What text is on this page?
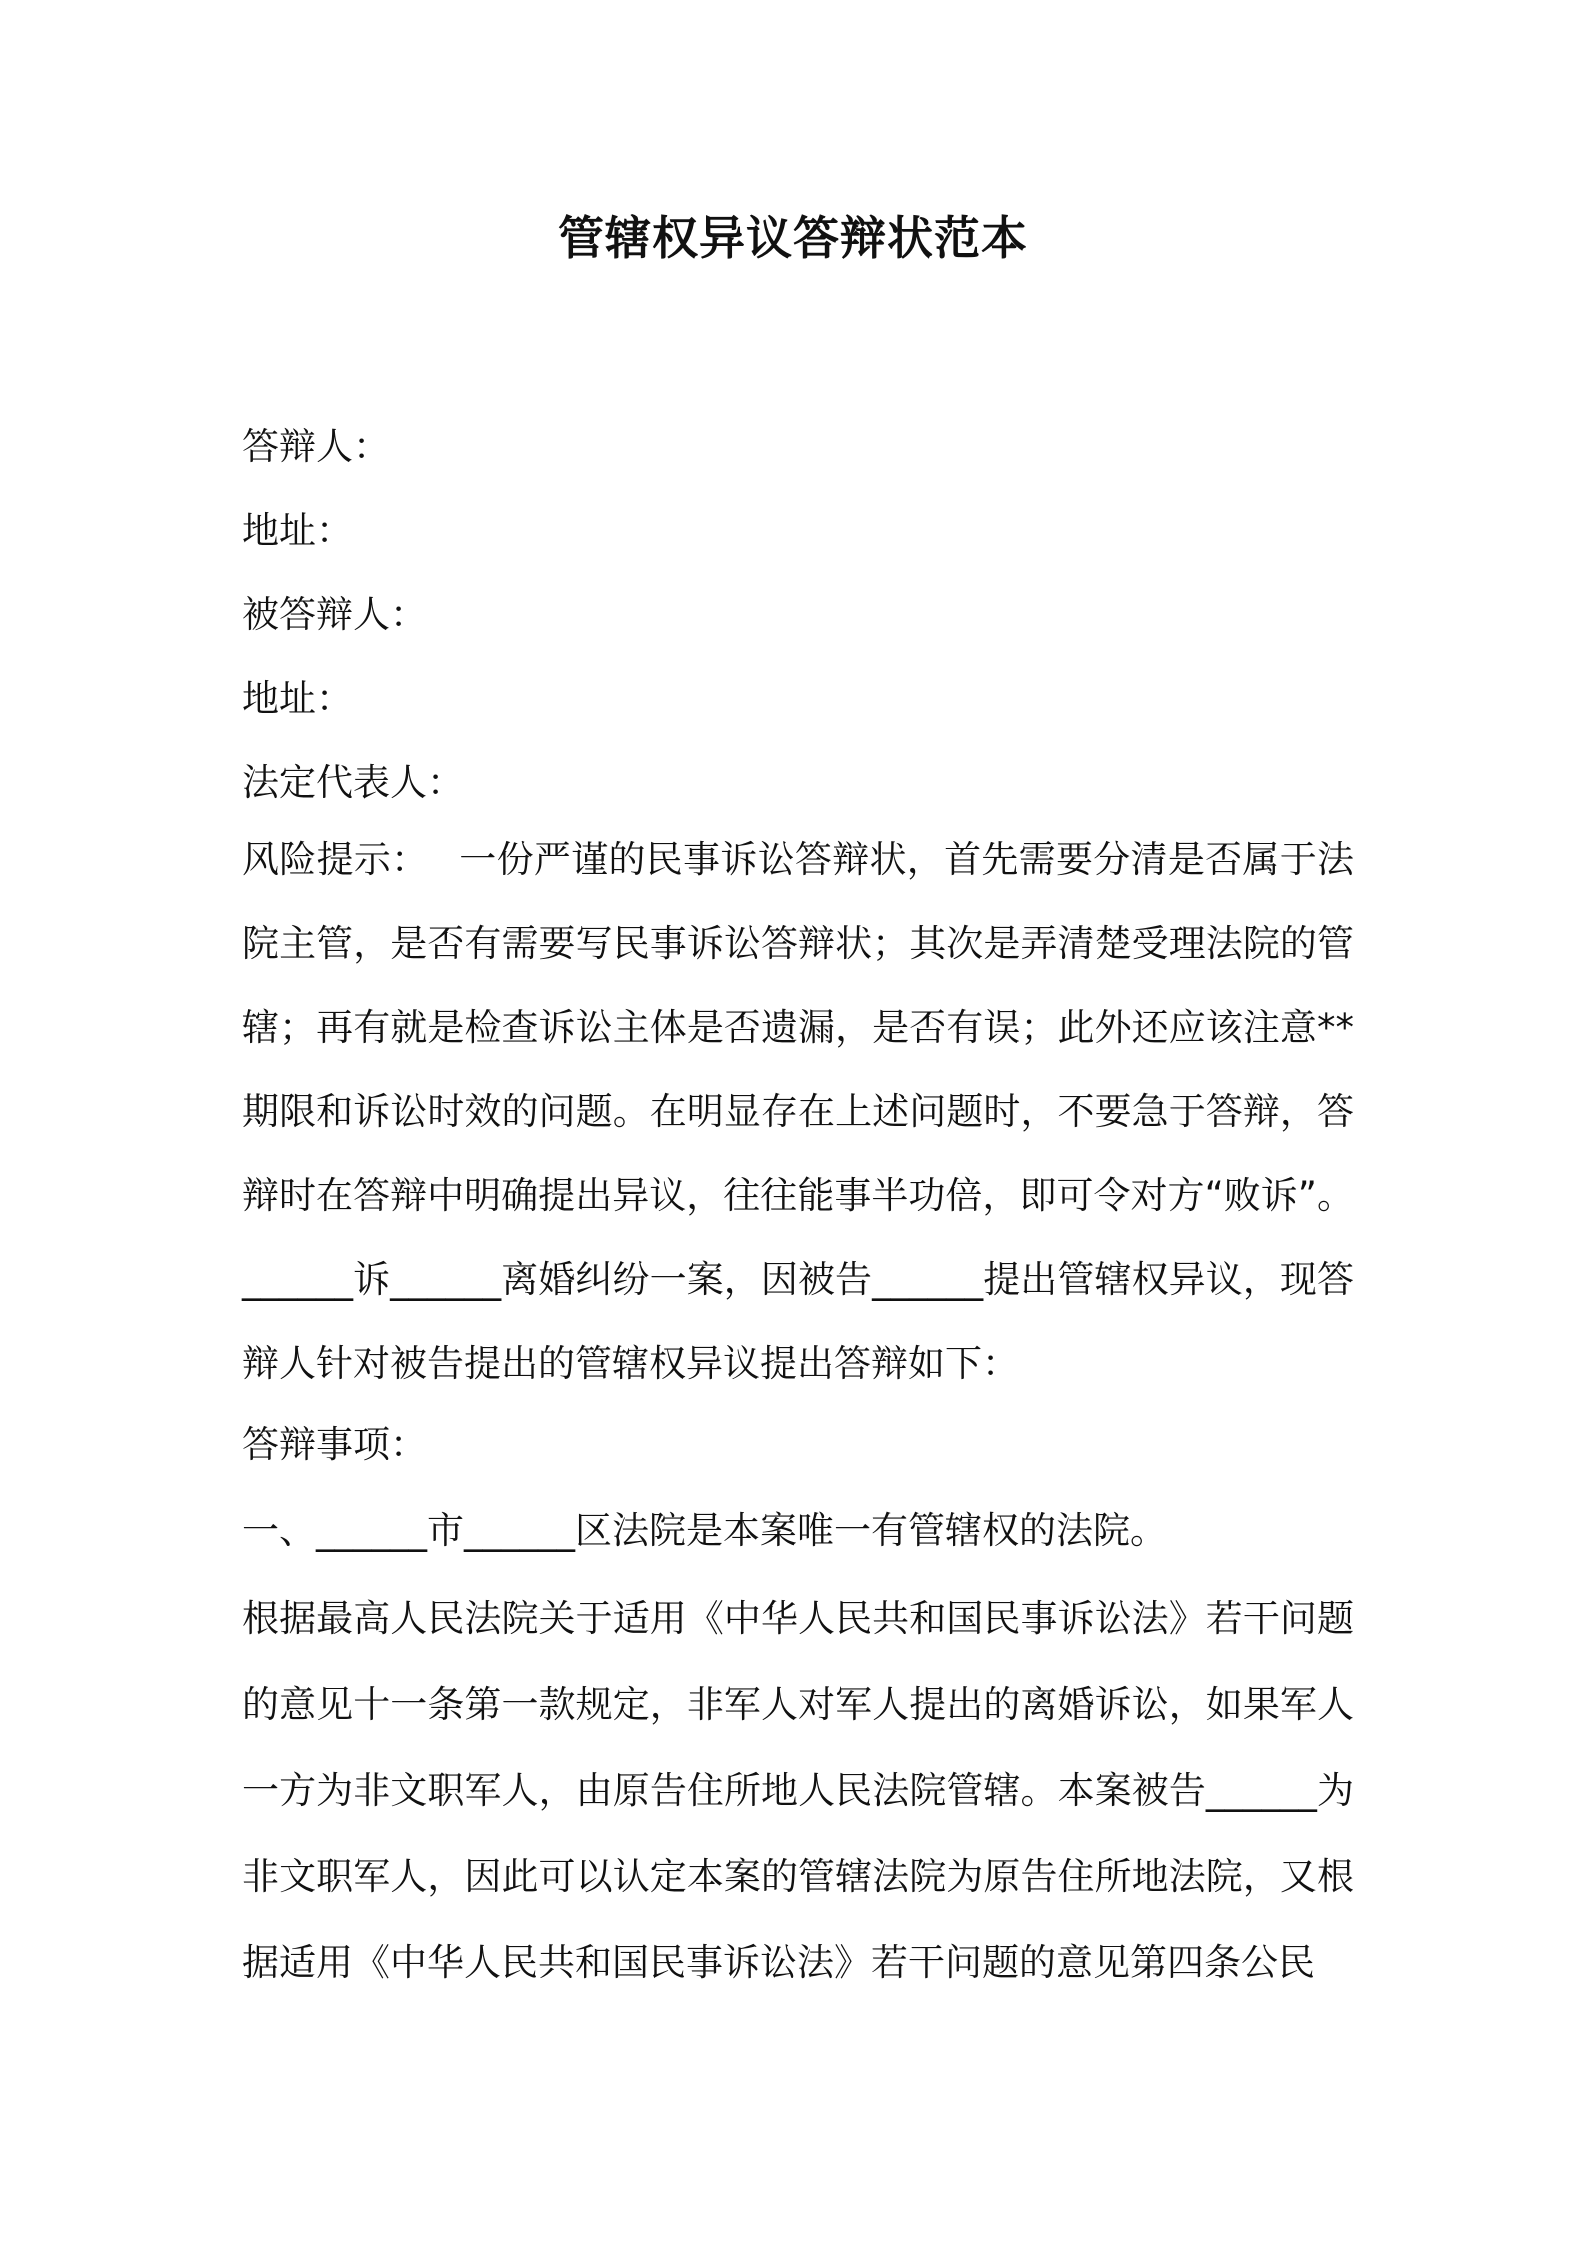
管辖权异议答辩状范本
答辩人：
地址：
被答辩人：
地址：
法定代表人：
风险提示：　 一份严谨的民事诉讼答辩状，首先需要分清是否属于法院主管，是否有需要写民事诉讼答辩状；其次是弄清楚受理法院的管辖；再有就是检查诉讼主体是否遗漏，是否有误；此外还应该注意**期限和诉讼时效的问题。在明显存在上述问题时，不要急于答辩，答辩时在答辩中明确提出异议，往往能事半功倍，即可令对方“败诉”。______诉______离婚纠纷一案，因被告______提出管辖权异议，现答辩人针对被告提出的管辖权异议提出答辩如下：
答辩事项：
一、______市______区法院是本案唯一有管辖权的法院。
根据最高人民法院关于适用《中华人民共和国民事诉讼法》若干问题的意见十一条第一款规定，非军人对军人提出的离婚诉讼，如果军人一方为非文职军人，由原告住所地人民法院管辖。本案被告______为非文职军人，因此可以认定本案的管辖法院为原告住所地法院，又根据适用《中华人民共和国民事诉讼法》若干问题的意见第四条公民
